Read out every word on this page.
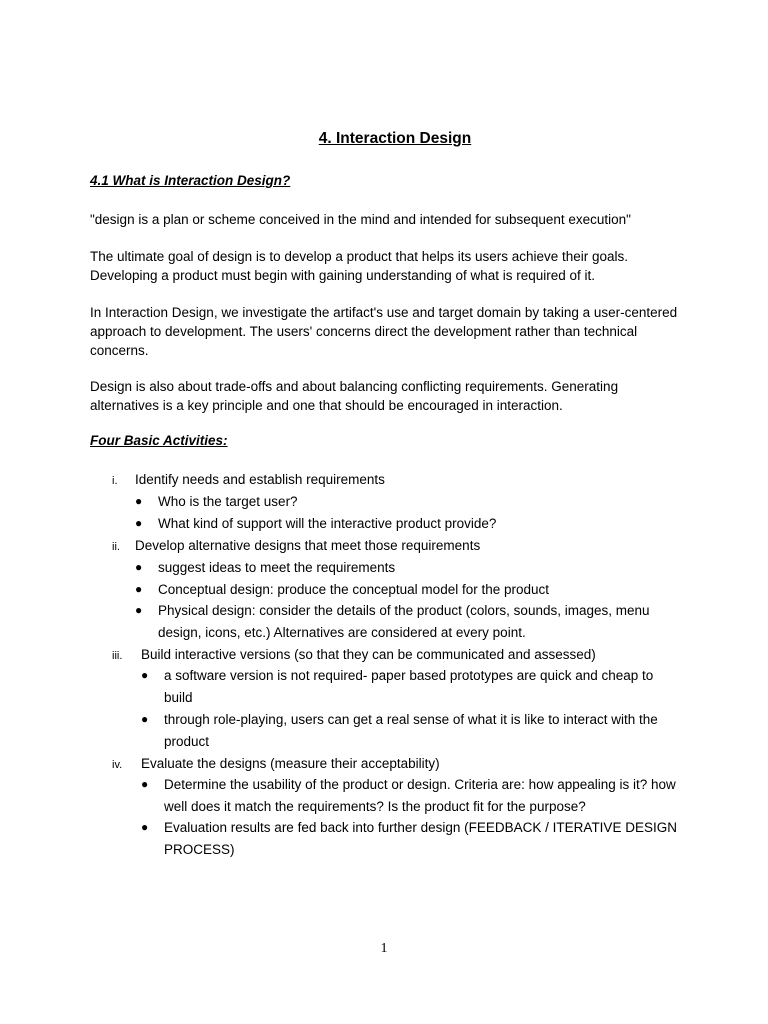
4. Interaction Design
4.1 What is Interaction Design?
"design is a plan or scheme conceived in the mind and intended for subsequent execution"
The ultimate goal of design is to develop a product that helps its users achieve their goals. Developing a product must begin with gaining understanding of what is required of it.
In Interaction Design, we investigate the artifact's use and target domain by taking a user-centered approach to development. The users' concerns direct the development rather than technical concerns.
Design is also about trade-offs and about balancing conflicting requirements. Generating alternatives is a key principle and one that should be encouraged in interaction.
Four Basic Activities:
i. Identify needs and establish requirements
● Who is the target user?
● What kind of support will the interactive product provide?
ii. Develop alternative designs that meet those requirements
● suggest ideas to meet the requirements
● Conceptual design: produce the conceptual model for the product
● Physical design: consider the details of the product (colors, sounds, images, menu design, icons, etc.) Alternatives are considered at every point.
iii. Build interactive versions (so that they can be communicated and assessed)
● a software version is not required- paper based prototypes are quick and cheap to build
● through role-playing, users can get a real sense of what it is like to interact with the product
iv. Evaluate the designs (measure their acceptability)
● Determine the usability of the product or design. Criteria are: how appealing is it? how well does it match the requirements? Is the product fit for the purpose?
● Evaluation results are fed back into further design (FEEDBACK / ITERATIVE DESIGN PROCESS)
1
